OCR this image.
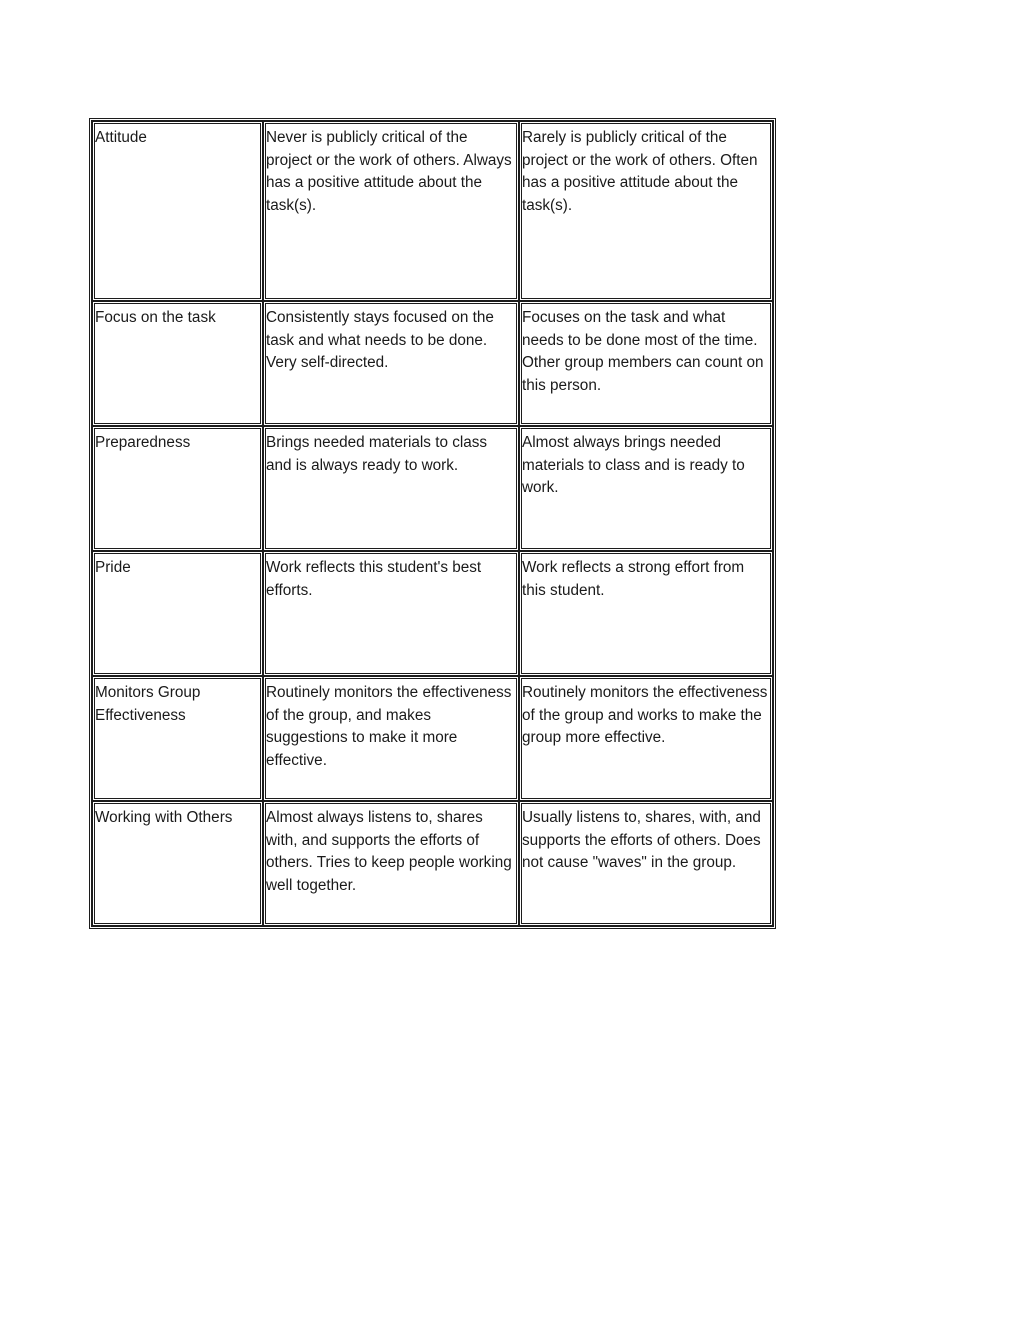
Attitude	Never is publicly critical of the project or the work of others. Always has a positive attitude about the task(s).	Rarely is publicly critical of the project or the work of others. Often has a positive attitude about the task(s).
Focus on the task	Consistently stays focused on the task and what needs to be done. Very self-directed.	Focuses on the task and what needs to be done most of the time. Other group members can count on this person.
Preparedness	Brings needed materials to class and is always ready to work.	Almost always brings needed materials to class and is ready to work.
Pride	Work reflects this student's best efforts.	Work reflects a strong effort from this student.
Monitors Group Effectiveness	Routinely monitors the effectiveness of the group, and makes suggestions to make it more effective.	Routinely monitors the effectiveness of the group and works to make the group more effective.
Working with Others	Almost always listens to, shares with, and supports the efforts of others. Tries to keep people working well together.	Usually listens to, shares, with, and supports the efforts of others. Does not cause "waves" in the group.
